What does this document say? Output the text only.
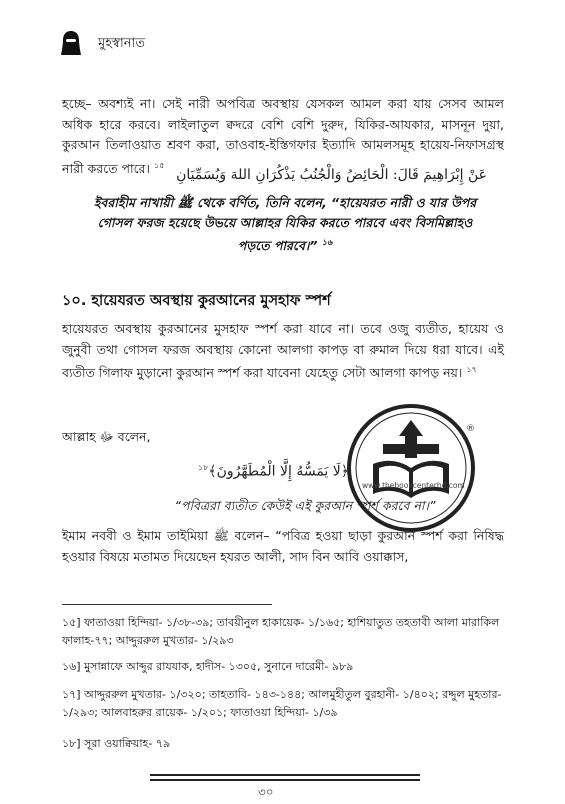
মুহস্বানাত
হচ্ছে– অবশ্যই না। সেই নারী অপবিত্র অবস্থায় যেসকল আমল করা যায় সেসব আমল অধিক হারে করবে। লাইলাতুল ক্বদরে বেশি বেশি দুরুদ, যিকির-আযকার, মাসনূন দুয়া, কুরআন তিলাওয়াত শ্রবণ করা, তাওবাহ-ইস্তিগফার ইত্যাদি আমলসমূহ হায়েয-নিফাসগ্রস্থ নারী করতে পারে। $^{১৫}$
عَنْ إِبْرَاهِيمَ قَالَ: الْحَائِضُ وَالْجُنُبُ يَذْكُرَانِ اللهَ وَيُسَمِّيَانِ
ইবরাহীম নাখায়ী ﷺ থেকে বর্ণিত, তিনি বলেন, “হায়েযরত নারী ও যার উপর
গোসল ফরজ হয়েছে উভয়ে আল্লাহর যিকির করতে পারবে এবং বিসমিল্লাহও
পড়তে পারবে।” $^{১৬}$
১০. হায়েযরত অবস্থায় কুরআনের মুসহাফ স্পর্শ
হায়েযরত অবস্থায় কুরআনের মুসহাফ স্পর্শ করা যাবে না। তবে ওজু ব্যতীত, হায়েয ও জুনুবী তথা গোসল ফরজ অবস্থায় কোনো আলগা কাপড় বা রুমাল দিয়ে ধরা যাবে। এই ব্যতীত গিলাফ মুড়ানো কুরআন স্পর্শ করা যাবেনা যেহেতু সেটা আলগা কাপড় নয়। $^{১৭}$
আল্লাহ ﷻ বলেন,
﴿لَا يَمَسُّهُ إِلَّا الْمُطَهَّرُونَ﴾$^{১৮}$
“পবিত্ররা ব্যতীত কেউই এই কুরআন স্পর্শ করবে না।”
ইমাম নববী ও ইমাম তাইমিয়া ﷺ বলেন– “পবিত্র হওয়া ছাড়া কুরআন স্পর্শ করা নিষিদ্ধ হওয়ার বিষয়ে মতামত দিয়েছেন হযরত আলী, সাদ বিন আবি ওয়াক্কাস,
®
www.thebookcenterbd.com
১৫] ফাতাওয়া হিন্দিয়া- ১/৩৮-৩৯; তাবয়ীনুল হাকায়েক- ১/১৬৫; হাশিয়াতুত তহতাবী আলা মারাকিল ফালাহ-৭৭; আদ্দুররুল মুখতার- ১/২৯৩
১৬] মুসান্নাফে আব্দুর রাযযাক, হাদীস- ১৩০৫, সুনানে দারেমী- ৯৮৯
১৭] আদ্দুররুল মুখতার- ১/৩২০; তাহতাবি- ১৪৩-১৪৪; আলমুহীতুল বুরহানী- ১/৪০২; রদ্দুল মুহতার- ১/২৯৩; আলবাহরুর রায়েক- ১/২০১; ফাতাওয়া হিন্দিয়া- ১/৩৯
১৮] সূরা ওয়াক্বিয়াহ- ৭৯
৩০
